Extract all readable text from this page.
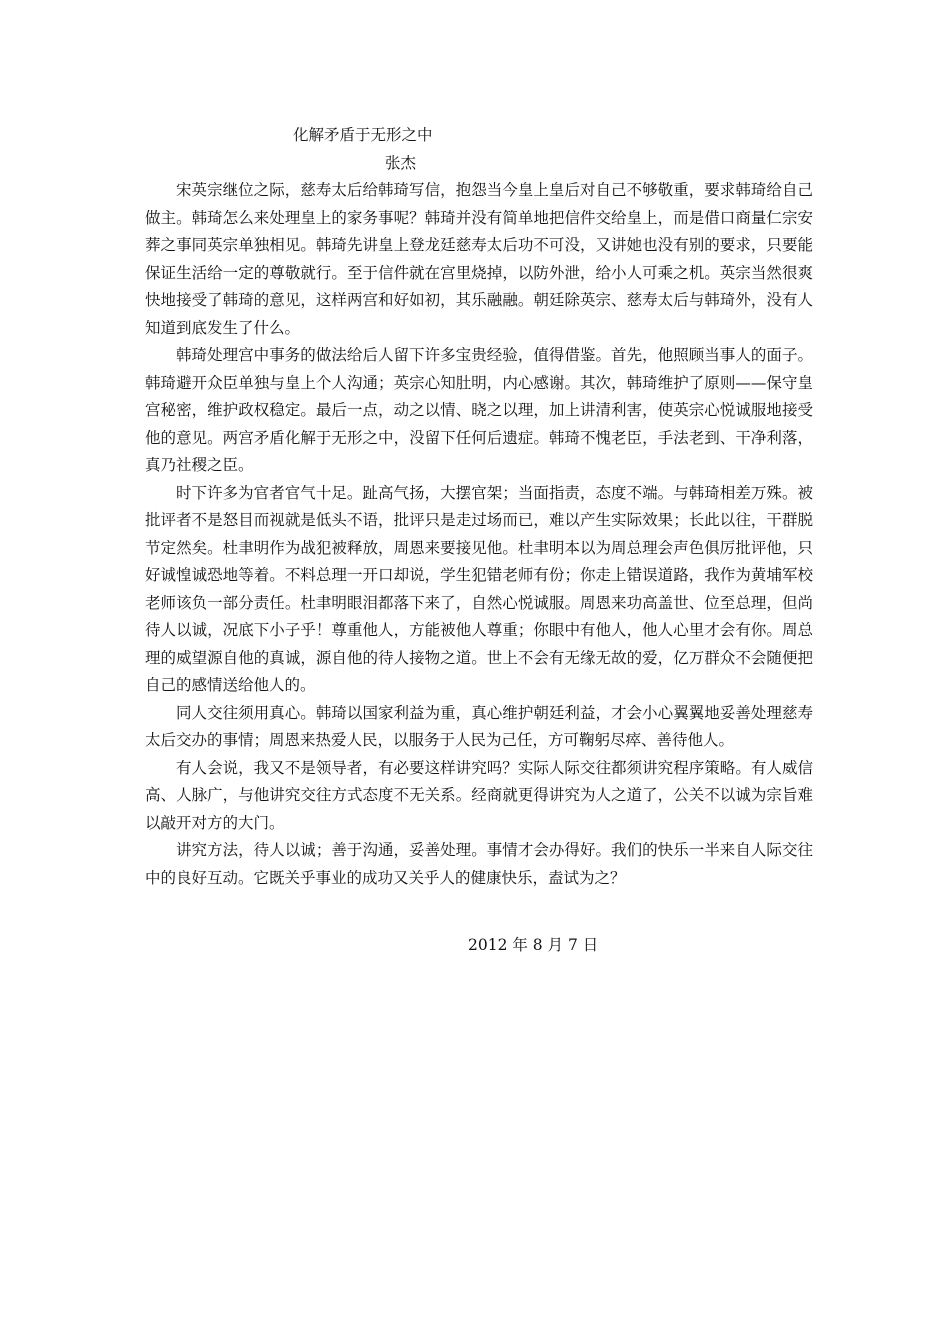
化解矛盾于无形之中
张杰

宋英宗继位之际，慈寿太后给韩琦写信，抱怨当今皇上皇后对自己不够敬重，要求韩琦给自己做主。韩琦怎么来处理皇上的家务事呢？韩琦并没有简单地把信件交给皇上，而是借口商量仁宗安葬之事同英宗单独相见。韩琦先讲皇上登龙廷慈寿太后功不可没，又讲她也没有别的要求，只要能保证生活给一定的尊敬就行。至于信件就在宫里烧掉，以防外泄，给小人可乘之机。英宗当然很爽快地接受了韩琦的意见，这样两宫和好如初，其乐融融。朝廷除英宗、慈寿太后与韩琦外，没有人知道到底发生了什么。

韩琦处理宫中事务的做法给后人留下许多宝贵经验，值得借鉴。首先，他照顾当事人的面子。韩琦避开众臣单独与皇上个人沟通；英宗心知肚明，内心感谢。其次，韩琦维护了原则——保守皇宫秘密，维护政权稳定。最后一点，动之以情、晓之以理，加上讲清利害，使英宗心悦诚服地接受他的意见。两宫矛盾化解于无形之中，没留下任何后遗症。韩琦不愧老臣，手法老到、干净利落，真乃社稷之臣。

时下许多为官者官气十足。趾高气扬，大摆官架；当面指责，态度不端。与韩琦相差万殊。被批评者不是怒目而视就是低头不语，批评只是走过场而已，难以产生实际效果；长此以往，干群脱节定然矣。杜聿明作为战犯被释放，周恩来要接见他。杜聿明本以为周总理会声色俱厉批评他，只好诚惶诚恐地等着。不料总理一开口却说，学生犯错老师有份；你走上错误道路，我作为黄埔军校老师该负一部分责任。杜聿明眼泪都落下来了，自然心悦诚服。周恩来功高盖世、位至总理，但尚待人以诚，况底下小子乎！尊重他人，方能被他人尊重；你眼中有他人，他人心里才会有你。周总理的威望源自他的真诚，源自他的待人接物之道。世上不会有无缘无故的爱，亿万群众不会随便把自己的感情送给他人的。

同人交往须用真心。韩琦以国家利益为重，真心维护朝廷利益，才会小心翼翼地妥善处理慈寿太后交办的事情；周恩来热爱人民，以服务于人民为己任，方可鞠躬尽瘁、善待他人。

有人会说，我又不是领导者，有必要这样讲究吗？实际人际交往都须讲究程序策略。有人威信高、人脉广，与他讲究交往方式态度不无关系。经商就更得讲究为人之道了，公关不以诚为宗旨难以敲开对方的大门。

讲究方法，待人以诚；善于沟通，妥善处理。事情才会办得好。我们的快乐一半来自人际交往中的良好互动。它既关乎事业的成功又关乎人的健康快乐，盍试为之？

2012 年 8 月 7 日
